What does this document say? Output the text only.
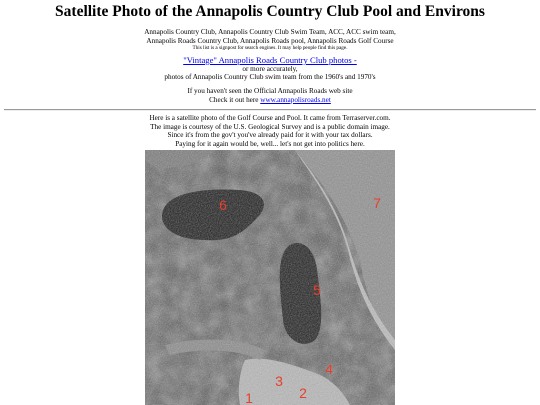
Satellite Photo of the Annapolis Country Club Pool and Environs
Annapolis Country Club, Annapolis Country Club Swim Team, ACC, ACC swim team,
Annapolis Roads Country Club, Annapolis Roads pool, Annapolis Roads Golf Course
This list is a signpost for search engines. It may help people find this page.
"Vintage" Annapolis Roads Country Club photos -
or more accurately,
photos of Annapolis Country Club swim team from the 1960's and 1970's
If you haven't seen the Official Annapolis Roads web site
Check it out here www.annapolisroads.net
Here is a satellite photo of the Golf Course and Pool. It came from Terraserver.com.
The image is courtesy of the U.S. Geological Survey and is a public domain image.
Since it's from the gov't you've already paid for it with your tax dollars.
Paying for it again would be, well... let's not get into politics here.
6	7
5
4
3
2
1
